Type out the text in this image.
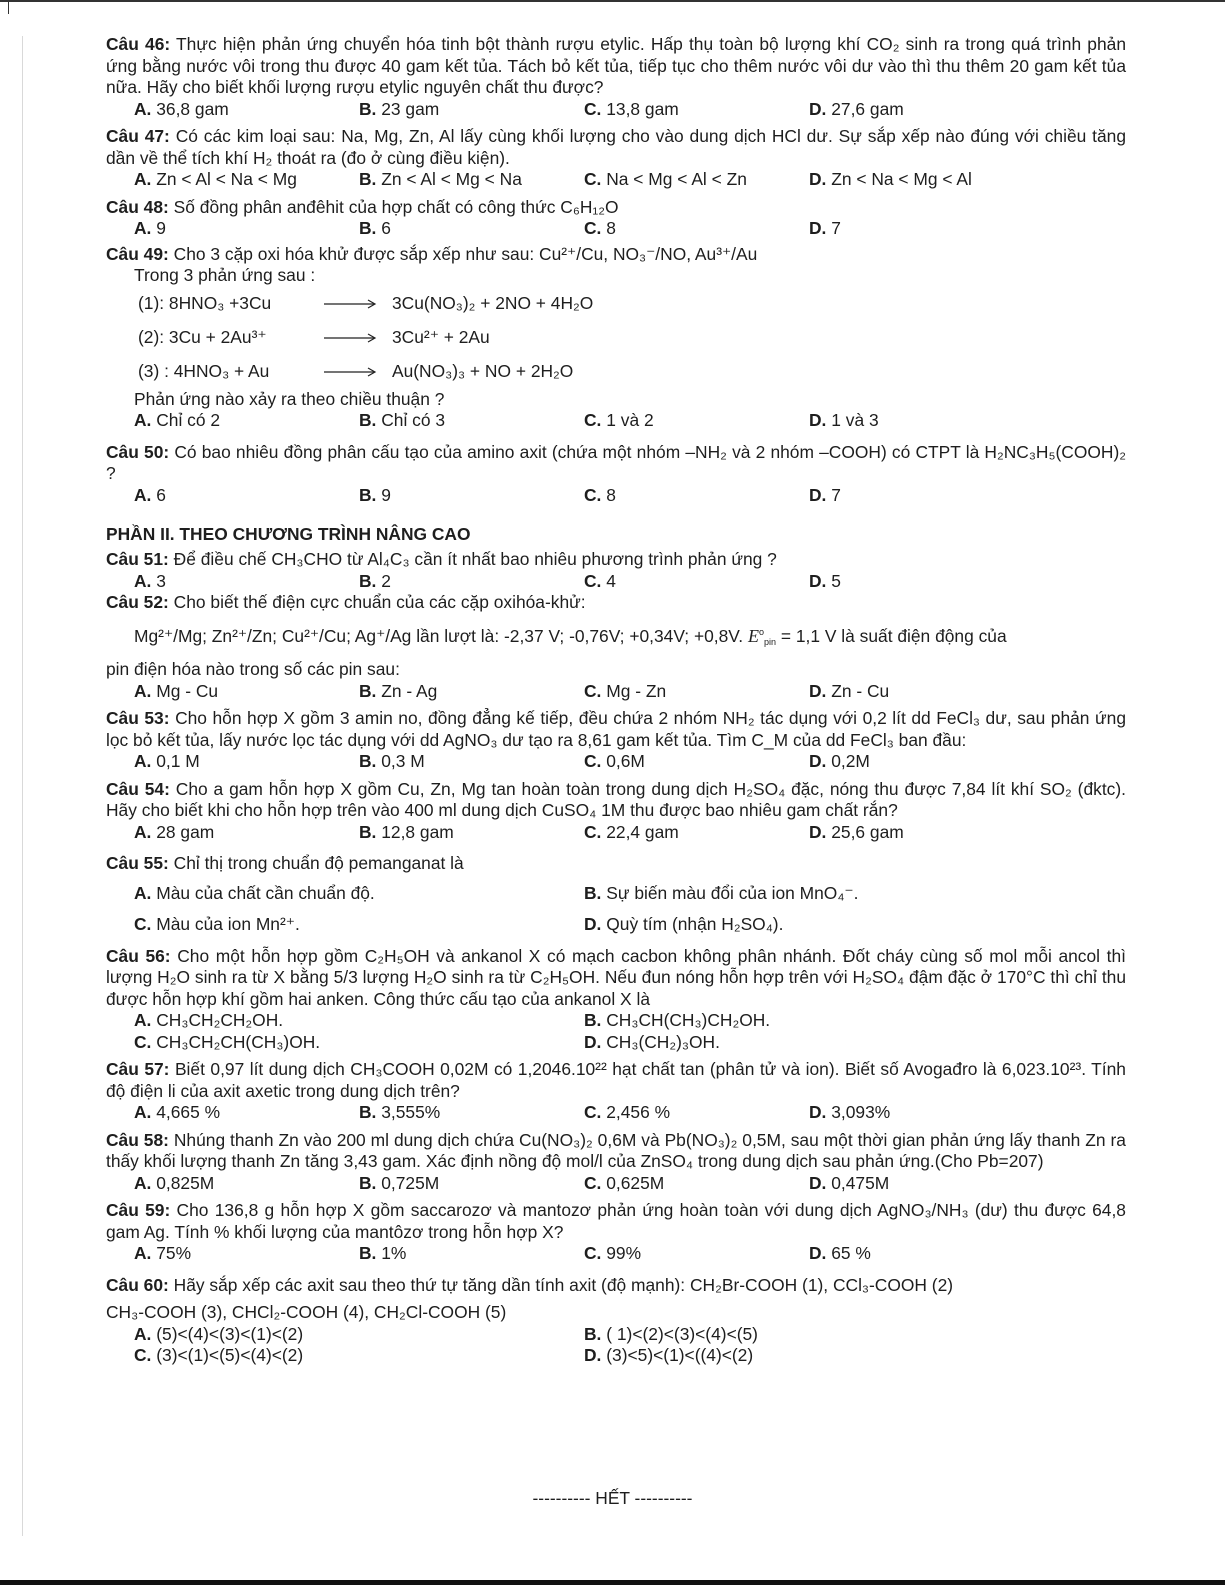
Câu 46: Thực hiện phản ứng chuyển hóa tinh bột thành rượu etylic. Hấp thụ toàn bộ lượng khí CO₂ sinh ra trong quá trình phản ứng bằng nước vôi trong thu được 40 gam kết tủa. Tách bỏ kết tủa, tiếp tục cho thêm nước vôi dư vào thì thu thêm 20 gam kết tủa nữa. Hãy cho biết khối lượng rượu etylic nguyên chất thu được?
A. 36,8 gam	B. 23 gam	C. 13,8 gam	D. 27,6 gam
Câu 47: Có các kim loại sau: Na, Mg, Zn, Al lấy cùng khối lượng cho vào dung dịch HCl dư. Sự sắp xếp nào đúng với chiều tăng dần về thể tích khí H₂ thoát ra (đo ở cùng điều kiện).
A. Zn < Al < Na < Mg	B. Zn < Al < Mg < Na	C. Na < Mg < Al < Zn	D. Zn < Na < Mg < Al
Câu 48: Số đồng phân anđêhit của hợp chất có công thức C₆H₁₂O
A. 9	B. 6	C. 8	D. 7
Câu 49: Cho 3 cặp oxi hóa khử được sắp xếp như sau: Cu²⁺/Cu, NO₃⁻/NO, Au³⁺/Au
Trong 3 phản ứng sau :
(1): 8HNO₃ +3Cu	3Cu(NO₃)₂ + 2NO + 4H₂O
(2): 3Cu + 2Au³⁺	3Cu²⁺ + 2Au
(3) : 4HNO₃ + Au	Au(NO₃)₃ + NO + 2H₂O
Phản ứng nào xảy ra theo chiều thuận ?
A. Chỉ có 2	B. Chỉ có 3	C. 1 và 2	D. 1 và 3
Câu 50: Có bao nhiêu đồng phân cấu tạo của amino axit (chứa một nhóm –NH₂ và 2 nhóm –COOH) có CTPT là H₂NC₃H₅(COOH)₂ ?
A. 6	B. 9	C. 8	D. 7
PHẦN II. THEO CHƯƠNG TRÌNH NÂNG CAO
Câu 51: Để điều chế CH₃CHO từ Al₄C₃ cần ít nhất bao nhiêu phương trình phản ứng ?
A. 3	B. 2	C. 4	D. 5
Câu 52: Cho biết thế điện cực chuẩn của các cặp oxihóa-khử:
Mg²⁺/Mg; Zn²⁺/Zn; Cu²⁺/Cu; Ag⁺/Ag lần lượt là: -2,37 V; -0,76V; +0,34V; +0,8V. $E^o_{pin} = 1,1$ V là suất điện động của
pin điện hóa nào trong số các pin sau:
A. Mg - Cu	B. Zn - Ag	C. Mg - Zn	D. Zn - Cu
Câu 53: Cho hỗn hợp X gồm 3 amin no, đồng đẳng kế tiếp, đều chứa 2 nhóm NH₂ tác dụng với 0,2 lít dd FeCl₃ dư, sau phản ứng lọc bỏ kết tủa, lấy nước lọc tác dụng với dd AgNO₃ dư tạo ra 8,61 gam kết tủa. Tìm C_M của dd FeCl₃ ban đầu:
A. 0,1 M	B. 0,3 M	C. 0,6M	D. 0,2M
Câu 54: Cho a gam hỗn hợp X gồm Cu, Zn, Mg tan hoàn toàn trong dung dịch H₂SO₄ đặc, nóng thu được 7,84 lít khí SO₂ (đktc). Hãy cho biết khi cho hỗn hợp trên vào 400 ml dung dịch CuSO₄ 1M thu được bao nhiêu gam chất rắn?
A. 28 gam	B. 12,8 gam	C. 22,4 gam	D. 25,6 gam
Câu 55: Chỉ thị trong chuẩn độ pemanganat là
A. Màu của chất cần chuẩn độ.	B. Sự biến màu đổi của ion MnO₄⁻.
C. Màu của ion Mn²⁺.	D. Quỳ tím (nhận H₂SO₄).
Câu 56: Cho một hỗn hợp gồm C₂H₅OH và ankanol X có mạch cacbon không phân nhánh. Đốt cháy cùng số mol mỗi ancol thì lượng H₂O sinh ra từ X bằng 5/3 lượng H₂O sinh ra từ C₂H₅OH. Nếu đun nóng hỗn hợp trên với H₂SO₄ đậm đặc ở 170°C thì chỉ thu được hỗn hợp khí gồm hai anken. Công thức cấu tạo của ankanol X là
A. CH₃CH₂CH₂OH.	B. CH₃CH(CH₃)CH₂OH.
C. CH₃CH₂CH(CH₃)OH.	D. CH₃(CH₂)₃OH.
Câu 57: Biết 0,97 lít dung dịch CH₃COOH 0,02M có 1,2046.10²² hạt chất tan (phân tử và ion). Biết số Avogađro là 6,023.10²³. Tính độ điện li của axit axetic trong dung dịch trên?
A. 4,665 %	B. 3,555%	C. 2,456 %	D. 3,093%
Câu 58: Nhúng thanh Zn vào 200 ml dung dịch chứa Cu(NO₃)₂ 0,6M và Pb(NO₃)₂ 0,5M, sau một thời gian phản ứng lấy thanh Zn ra thấy khối lượng thanh Zn tăng 3,43 gam. Xác định nồng độ mol/l của ZnSO₄ trong dung dịch sau phản ứng.(Cho Pb=207)
A. 0,825M	B. 0,725M	C. 0,625M	D. 0,475M
Câu 59: Cho 136,8 g hỗn hợp X gồm saccarozơ và mantozơ phản ứng hoàn toàn với dung dịch AgNO₃/NH₃ (dư) thu được 64,8 gam Ag. Tính % khối lượng của mantôzơ trong hỗn hợp X?
A. 75%	B. 1%	C. 99%	D. 65 %
Câu 60: Hãy sắp xếp các axit sau theo thứ tự tăng dần tính axit (độ mạnh): CH₂Br-COOH (1), CCl₃-COOH (2)
CH₃-COOH (3), CHCl₂-COOH (4), CH₂Cl-COOH (5)
A. (5)<(4)<(3)<(1)<(2)	B. ( 1)<(2)<(3)<(4)<(5)
C. (3)<(1)<(5)<(4)<(2)	D. (3)<5)<(1)<((4)<(2)
---------- HẾT ----------
